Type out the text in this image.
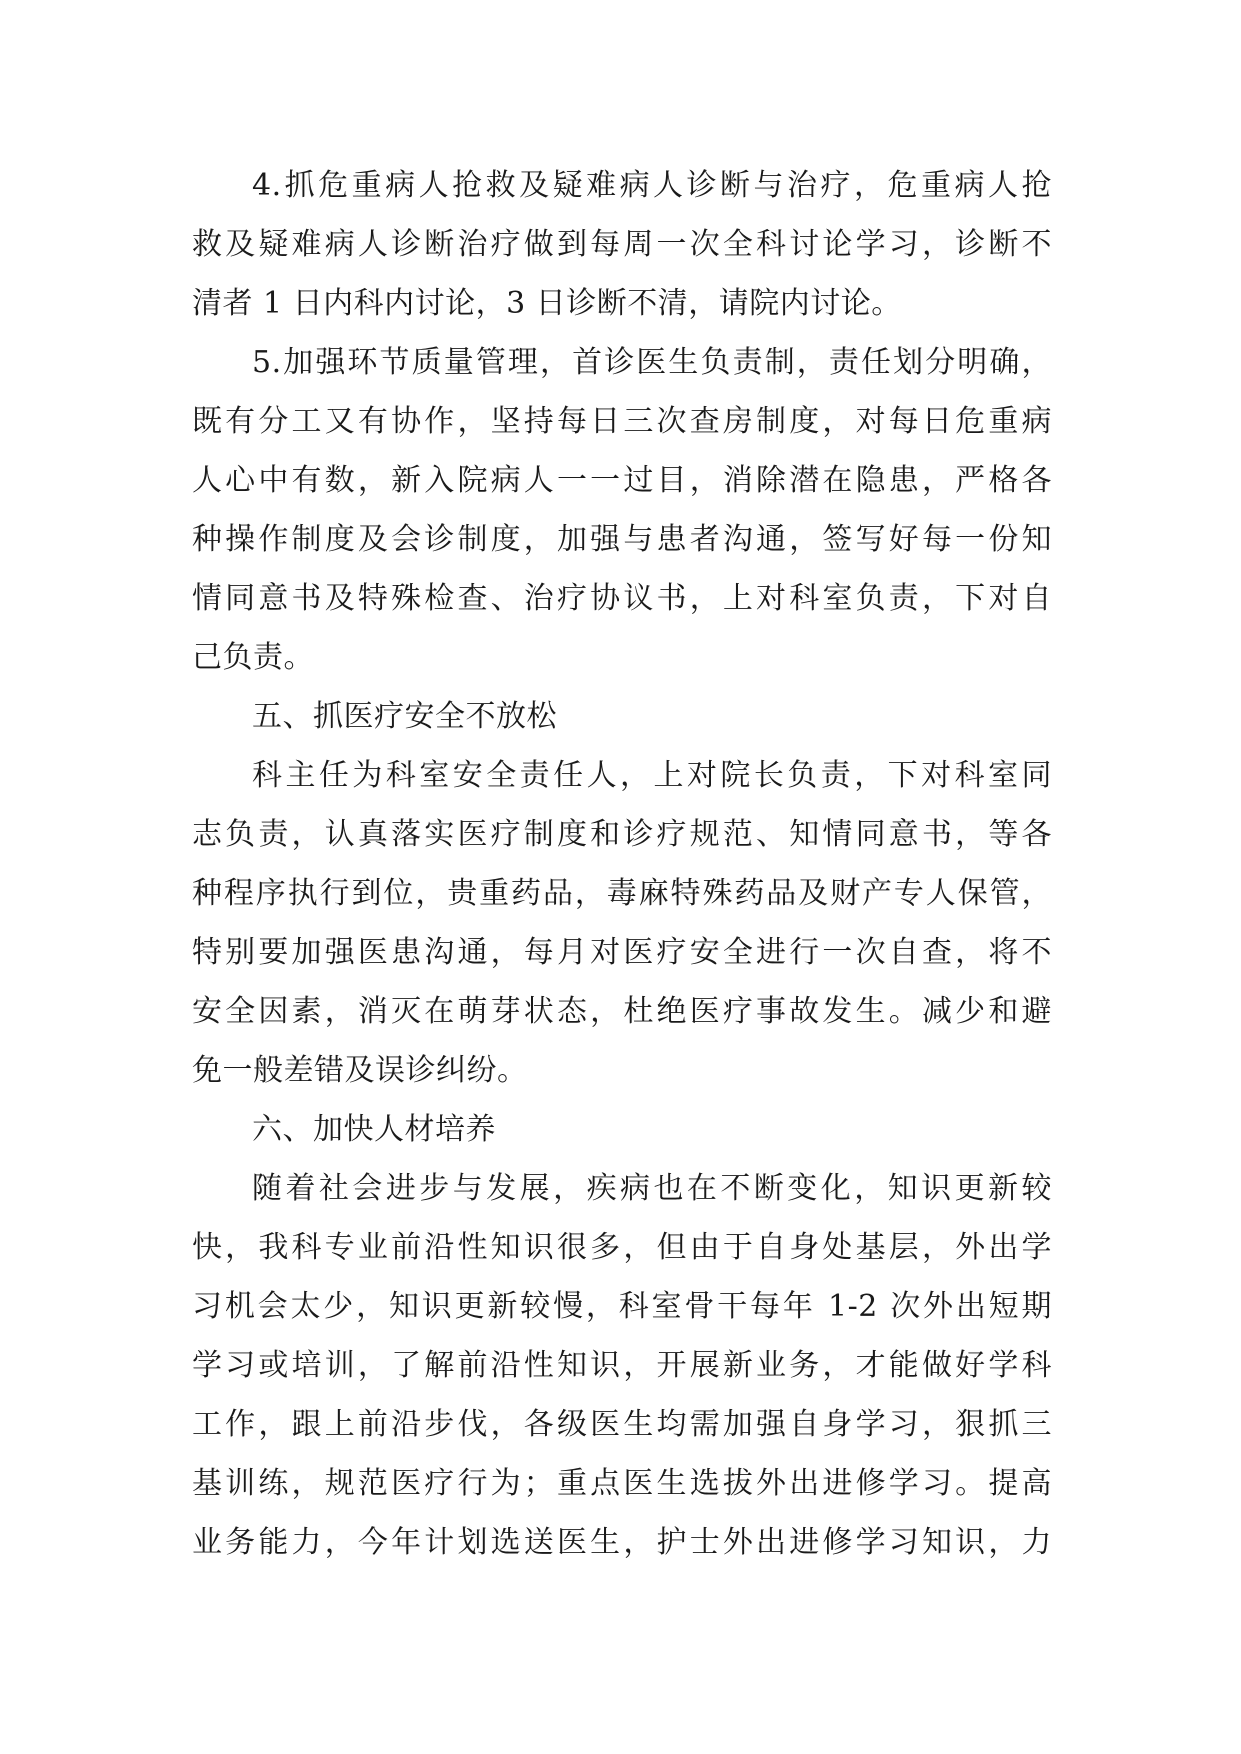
4.抓危重病人抢救及疑难病人诊断与治疗，危重病人抢
救及疑难病人诊断治疗做到每周一次全科讨论学习，诊断不
清者 1 日内科内讨论，3 日诊断不清，请院内讨论。
5.加强环节质量管理，首诊医生负责制，责任划分明确，
既有分工又有协作，坚持每日三次查房制度，对每日危重病
人心中有数，新入院病人一一过目，消除潜在隐患，严格各
种操作制度及会诊制度，加强与患者沟通，签写好每一份知
情同意书及特殊检查、治疗协议书，上对科室负责，下对自
己负责。
五、抓医疗安全不放松
科主任为科室安全责任人，上对院长负责，下对科室同
志负责，认真落实医疗制度和诊疗规范、知情同意书，等各
种程序执行到位，贵重药品，毒麻特殊药品及财产专人保管，
特别要加强医患沟通，每月对医疗安全进行一次自查，将不
安全因素，消灭在萌芽状态，杜绝医疗事故发生。减少和避
免一般差错及误诊纠纷。
六、加快人材培养
随着社会进步与发展，疾病也在不断变化，知识更新较
快，我科专业前沿性知识很多，但由于自身处基层，外出学
习机会太少，知识更新较慢，科室骨干每年 1-2 次外出短期
学习或培训，了解前沿性知识，开展新业务，才能做好学科
工作，跟上前沿步伐，各级医生均需加强自身学习，狠抓三
基训练，规范医疗行为；重点医生选拔外出进修学习。提高
业务能力，今年计划选送医生，护士外出进修学习知识，力
